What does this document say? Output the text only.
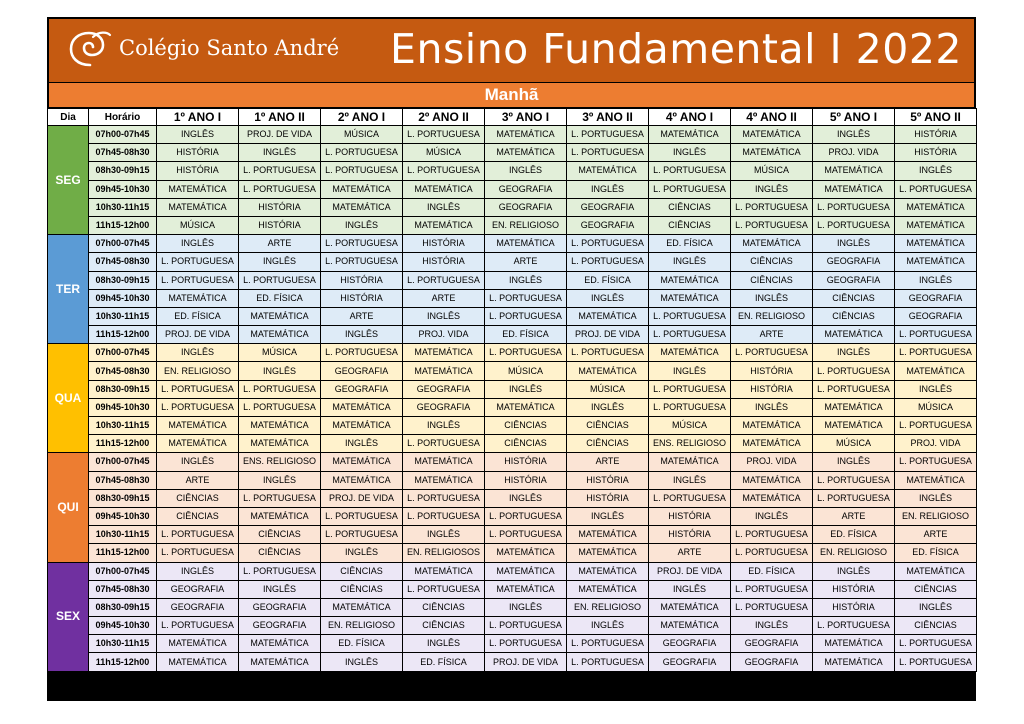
Colégio Santo André Ensino Fundamental I 2022
Manhã
Dia	Horário	1º ANO I	1º ANO II	2º ANO I	2º ANO II	3º ANO I	3º ANO II	4º ANO I	4º ANO II	5º ANO I	5º ANO II
SEG	07h00-07h45	INGLÊS	PROJ. DE VIDA	MÚSICA	L. PORTUGUESA	MATEMÁTICA	L. PORTUGUESA	MATEMÁTICA	MATEMÁTICA	INGLÊS	HISTÓRIA
	07h45-08h30	HISTÓRIA	INGLÊS	L. PORTUGUESA	MÚSICA	MATEMÁTICA	L. PORTUGUESA	INGLÊS	MATEMÁTICA	PROJ. VIDA	HISTÓRIA
	08h30-09h15	HISTÓRIA	L. PORTUGUESA	L. PORTUGUESA	L. PORTUGUESA	INGLÊS	MATEMÁTICA	L. PORTUGUESA	MÚSICA	MATEMÁTICA	INGLÊS
	09h45-10h30	MATEMÁTICA	L. PORTUGUESA	MATEMÁTICA	MATEMÁTICA	GEOGRAFIA	INGLÊS	L. PORTUGUESA	INGLÊS	MATEMÁTICA	L. PORTUGUESA
	10h30-11h15	MATEMÁTICA	HISTÓRIA	MATEMÁTICA	INGLÊS	GEOGRAFIA	GEOGRAFIA	CIÊNCIAS	L. PORTUGUESA	L. PORTUGUESA	MATEMÁTICA
	11h15-12h00	MÚSICA	HISTÓRIA	INGLÊS	MATEMÁTICA	EN. RELIGIOSO	GEOGRAFIA	CIÊNCIAS	L. PORTUGUESA	L. PORTUGUESA	MATEMÁTICA
TER	07h00-07h45	INGLÊS	ARTE	L. PORTUGUESA	HISTÓRIA	MATEMÁTICA	L. PORTUGUESA	ED. FÍSICA	MATEMÁTICA	INGLÊS	MATEMÁTICA
	07h45-08h30	L. PORTUGUESA	INGLÊS	L. PORTUGUESA	HISTÓRIA	ARTE	L. PORTUGUESA	INGLÊS	CIÊNCIAS	GEOGRAFIA	MATEMÁTICA
	08h30-09h15	L. PORTUGUESA	L. PORTUGUESA	HISTÓRIA	L. PORTUGUESA	INGLÊS	ED. FÍSICA	MATEMÁTICA	CIÊNCIAS	GEOGRAFIA	INGLÊS
	09h45-10h30	MATEMÁTICA	ED. FÍSICA	HISTÓRIA	ARTE	L. PORTUGUESA	INGLÊS	MATEMÁTICA	INGLÊS	CIÊNCIAS	GEOGRAFIA
	10h30-11h15	ED. FÍSICA	MATEMÁTICA	ARTE	INGLÊS	L. PORTUGUESA	MATEMÁTICA	L. PORTUGUESA	EN. RELIGIOSO	CIÊNCIAS	GEOGRAFIA
	11h15-12h00	PROJ. DE VIDA	MATEMÁTICA	INGLÊS	PROJ. VIDA	ED. FÍSICA	PROJ. DE VIDA	L. PORTUGUESA	ARTE	MATEMÁTICA	L. PORTUGUESA
QUA	07h00-07h45	INGLÊS	MÚSICA	L. PORTUGUESA	MATEMÁTICA	L. PORTUGUESA	L. PORTUGUESA	MATEMÁTICA	L. PORTUGUESA	INGLÊS	L. PORTUGUESA
	07h45-08h30	EN. RELIGIOSO	INGLÊS	GEOGRAFIA	MATEMÁTICA	MÚSICA	MATEMÁTICA	INGLÊS	HISTÓRIA	L. PORTUGUESA	MATEMÁTICA
	08h30-09h15	L. PORTUGUESA	L. PORTUGUESA	GEOGRAFIA	GEOGRAFIA	INGLÊS	MÚSICA	L. PORTUGUESA	HISTÓRIA	L. PORTUGUESA	INGLÊS
	09h45-10h30	L. PORTUGUESA	L. PORTUGUESA	MATEMÁTICA	GEOGRAFIA	MATEMÁTICA	INGLÊS	L. PORTUGUESA	INGLÊS	MATEMÁTICA	MÚSICA
	10h30-11h15	MATEMÁTICA	MATEMÁTICA	MATEMÁTICA	INGLÊS	CIÊNCIAS	CIÊNCIAS	MÚSICA	MATEMÁTICA	MATEMÁTICA	L. PORTUGUESA
	11h15-12h00	MATEMÁTICA	MATEMÁTICA	INGLÊS	L. PORTUGUESA	CIÊNCIAS	CIÊNCIAS	ENS. RELIGIOSO	MATEMÁTICA	MÚSICA	PROJ. VIDA
QUI	07h00-07h45	INGLÊS	ENS. RELIGIOSO	MATEMÁTICA	MATEMÁTICA	HISTÓRIA	ARTE	MATEMÁTICA	PROJ. VIDA	INGLÊS	L. PORTUGUESA
	07h45-08h30	ARTE	INGLÊS	MATEMÁTICA	MATEMÁTICA	HISTÓRIA	HISTÓRIA	INGLÊS	MATEMÁTICA	L. PORTUGUESA	MATEMÁTICA
	08h30-09h15	CIÊNCIAS	L. PORTUGUESA	PROJ. DE VIDA	L. PORTUGUESA	INGLÊS	HISTÓRIA	L. PORTUGUESA	MATEMÁTICA	L. PORTUGUESA	INGLÊS
	09h45-10h30	CIÊNCIAS	MATEMÁTICA	L. PORTUGUESA	L. PORTUGUESA	L. PORTUGUESA	INGLÊS	HISTÓRIA	INGLÊS	ARTE	EN. RELIGIOSO
	10h30-11h15	L. PORTUGUESA	CIÊNCIAS	L. PORTUGUESA	INGLÊS	L. PORTUGUESA	MATEMÁTICA	HISTÓRIA	L. PORTUGUESA	ED. FÍSICA	ARTE
	11h15-12h00	L. PORTUGUESA	CIÊNCIAS	INGLÊS	EN. RELIGIOSOS	MATEMÁTICA	MATEMÁTICA	ARTE	L. PORTUGUESA	EN. RELIGIOSO	ED. FÍSICA
SEX	07h00-07h45	INGLÊS	L. PORTUGUESA	CIÊNCIAS	MATEMÁTICA	MATEMÁTICA	MATEMÁTICA	PROJ. DE VIDA	ED. FÍSICA	INGLÊS	MATEMÁTICA
	07h45-08h30	GEOGRAFIA	INGLÊS	CIÊNCIAS	L. PORTUGUESA	MATEMÁTICA	MATEMÁTICA	INGLÊS	L. PORTUGUESA	HISTÓRIA	CIÊNCIAS
	08h30-09h15	GEOGRAFIA	GEOGRAFIA	MATEMÁTICA	CIÊNCIAS	INGLÊS	EN. RELIGIOSO	MATEMÁTICA	L. PORTUGUESA	HISTÓRIA	INGLÊS
	09h45-10h30	L. PORTUGUESA	GEOGRAFIA	EN. RELIGIOSO	CIÊNCIAS	L. PORTUGUESA	INGLÊS	MATEMÁTICA	INGLÊS	L. PORTUGUESA	CIÊNCIAS
	10h30-11h15	MATEMÁTICA	MATEMÁTICA	ED. FÍSICA	INGLÊS	L. PORTUGUESA	L. PORTUGUESA	GEOGRAFIA	GEOGRAFIA	MATEMÁTICA	L. PORTUGUESA
	11h15-12h00	MATEMÁTICA	MATEMÁTICA	INGLÊS	ED. FÍSICA	PROJ. DE VIDA	L. PORTUGUESA	GEOGRAFIA	GEOGRAFIA	MATEMÁTICA	L. PORTUGUESA
